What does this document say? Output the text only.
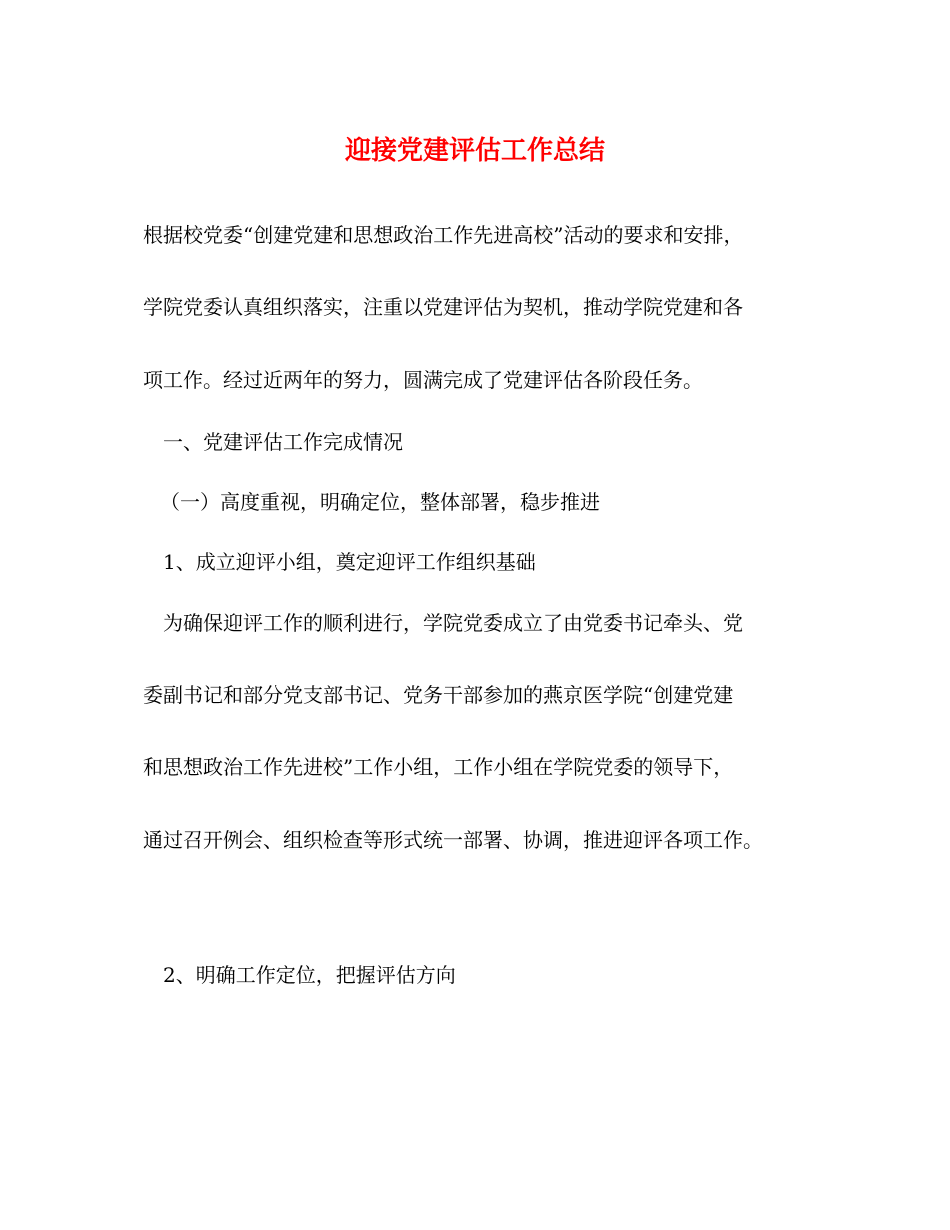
迎接党建评估工作总结
根据校党委“创建党建和思想政治工作先进高校”活动的要求和安排，
学院党委认真组织落实，注重以党建评估为契机，推动学院党建和各
项工作。经过近两年的努力，圆满完成了党建评估各阶段任务。
一、党建评估工作完成情况
（一）高度重视，明确定位，整体部署，稳步推进
1、成立迎评小组，奠定迎评工作组织基础
为确保迎评工作的顺利进行，学院党委成立了由党委书记牵头、党
委副书记和部分党支部书记、党务干部参加的燕京医学院“创建党建
和思想政治工作先进校”工作小组，工作小组在学院党委的领导下，
通过召开例会、组织检查等形式统一部署、协调，推进迎评各项工作。
2、明确工作定位，把握评估方向
